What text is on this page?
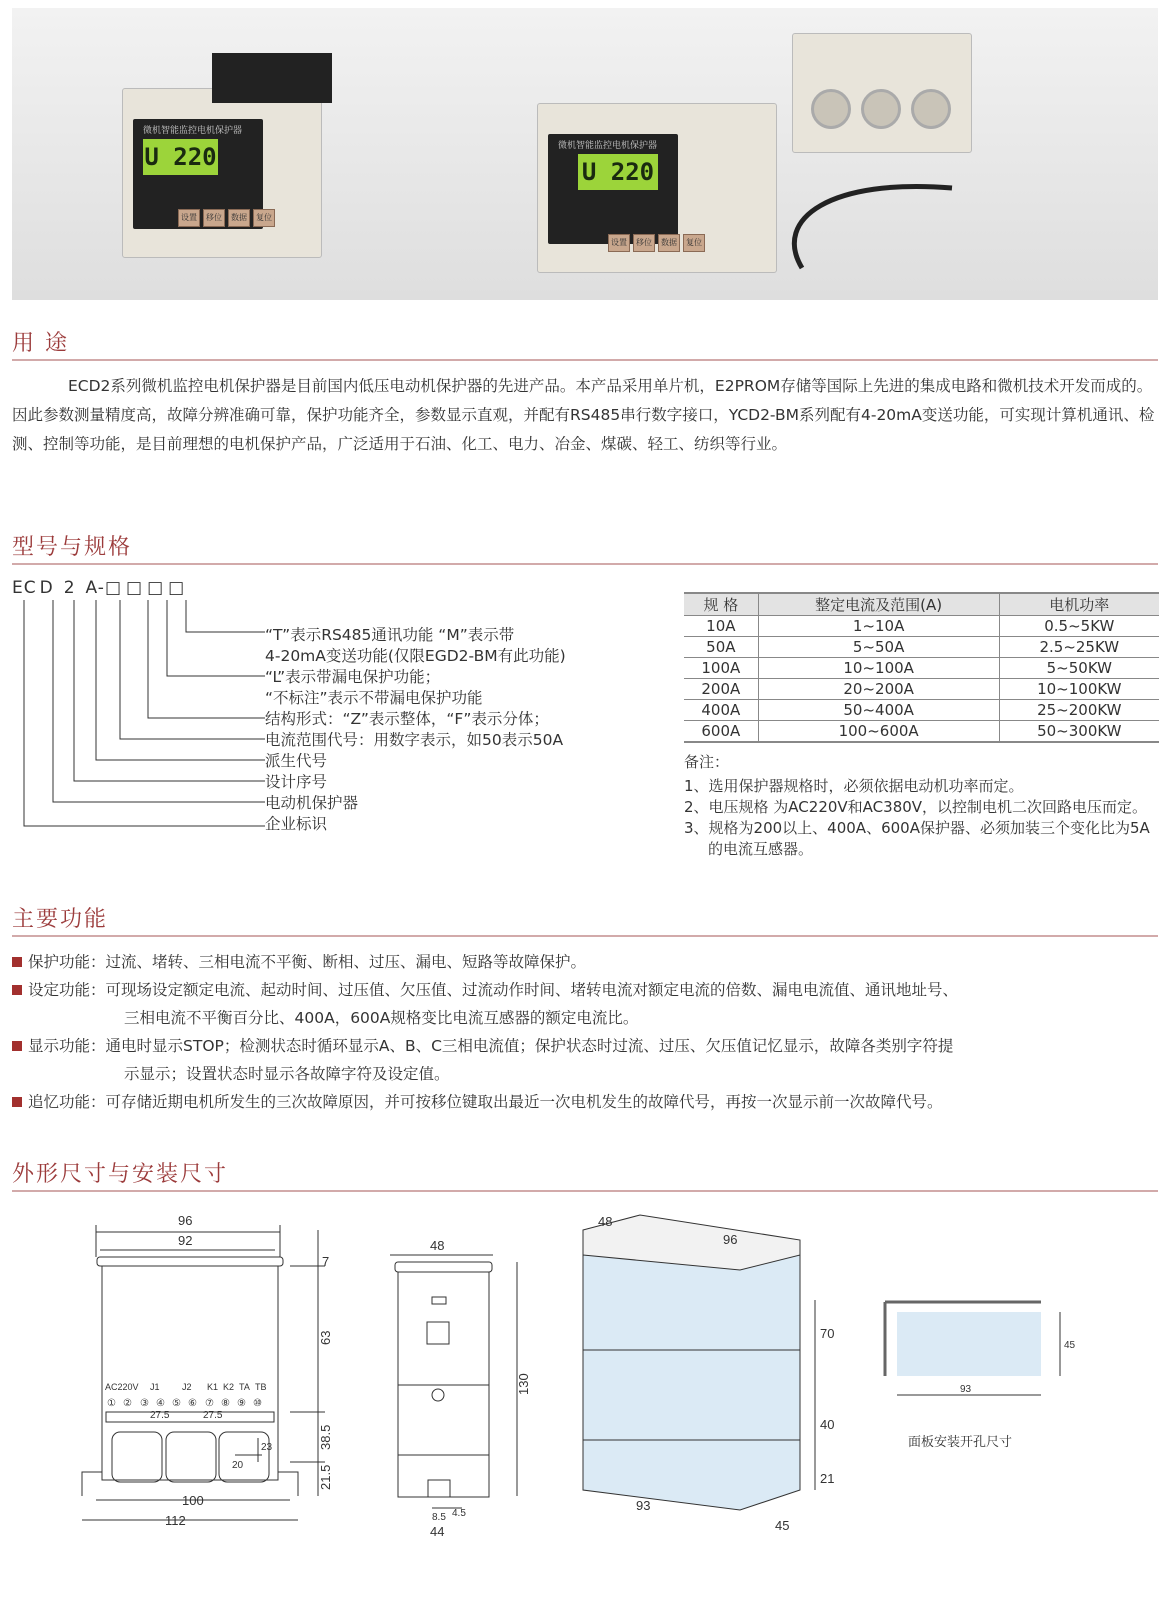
微机智能监控电机保护器
U 220
设置	移位	数据	复位
微机智能监控电机保护器
U 220
设置	移位	数据	复位
用 途
ECD2系列微机监控电机保护器是目前国内低压电动机保护器的先进产品。本产品采用单片机，E2PROM存储等国际上先进的集成电路和微机技术开发而成的。因此参数测量精度高，故障分辨准确可靠，保护功能齐全，参数显示直观，并配有RS485串行数字接口，YCD2-BM系列配有4-20mA变送功能，可实现计算机通讯、检测、控制等功能，是目前理想的电机保护产品，广泛适用于石油、化工、电力、冶金、煤碳、轻工、纺织等行业。
型号与规格
EC D 2 A-□ □ □ □
“T”表示RS485通讯功能 “M”表示带
4-20mA变送功能(仅限EGD2-BM有此功能)
“L”表示带漏电保护功能；
“不标注”表示不带漏电保护功能
结构形式：“Z”表示整体，“F”表示分体；
电流范围代号：用数字表示，如50表示50A
派生代号
设计序号
电动机保护器
企业标识
规 格	整定电流及范围(A)	电机功率
10A	1~10A	0.5~5KW
50A	5~50A	2.5~25KW
100A	10~100A	5~50KW
200A	20~200A	10~100KW
400A	50~400A	25~200KW
600A	100~600A	50~300KW
备注：
1、选用保护器规格时，必须依据电动机功率而定。
2、电压规格 为AC220V和AC380V，以控制电机二次回路电压而定。
3、规格为200以上、400A、600A保护器、必须加装三个变化比为5A的电流互感器。
主要功能
保护功能：过流、堵转、三相电流不平衡、断相、过压、漏电、短路等故障保护。
设定功能：可现场设定额定电流、起动时间、过压值、欠压值、过流动作时间、堵转电流对额定电流的倍数、漏电电流值、通讯地址号、
三相电流不平衡百分比、400A，600A规格变比电流互感器的额定电流比。
显示功能：通电时显示STOP；检测状态时循环显示A、B、C三相电流值；保护状态时过流、过压、欠压值记忆显示，故障各类别字符提
示显示；设置状态时显示各故障字符及设定值。
追忆功能：可存储近期电机所发生的三次故障原因，并可按移位键取出最近一次电机发生的故障代号，再按一次显示前一次故障代号。
外形尺寸与安装尺寸
96
92
7
63
38.5
21.5
100
112
27.5	27.5
23
20
AC220V J1 J2 K1 K2 TA TB
① ② ③ ④ ⑤ ⑥ ⑦ ⑧ ⑨ ⑩
48
130
8.5 4.5
44
48
96
70
40
21
93
45
45
93
面板安装开孔尺寸
